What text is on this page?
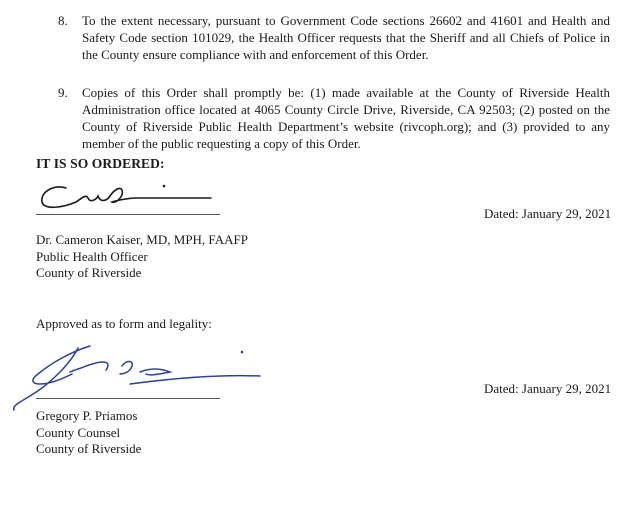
8. To the extent necessary, pursuant to Government Code sections 26602 and 41601 and Health and Safety Code section 101029, the Health Officer requests that the Sheriff and all Chiefs of Police in the County ensure compliance with and enforcement of this Order.
9. Copies of this Order shall promptly be: (1) made available at the County of Riverside Health Administration office located at 4065 County Circle Drive, Riverside, CA 92503; (2) posted on the County of Riverside Public Health Department’s website (rivcoph.org); and (3) provided to any member of the public requesting a copy of this Order.
IT IS SO ORDERED:
Dated: January 29, 2021
Dr. Cameron Kaiser, MD, MPH, FAAFP
Public Health Officer
County of Riverside
Approved as to form and legality:
Dated: January 29, 2021
Gregory P. Priamos
County Counsel
County of Riverside
